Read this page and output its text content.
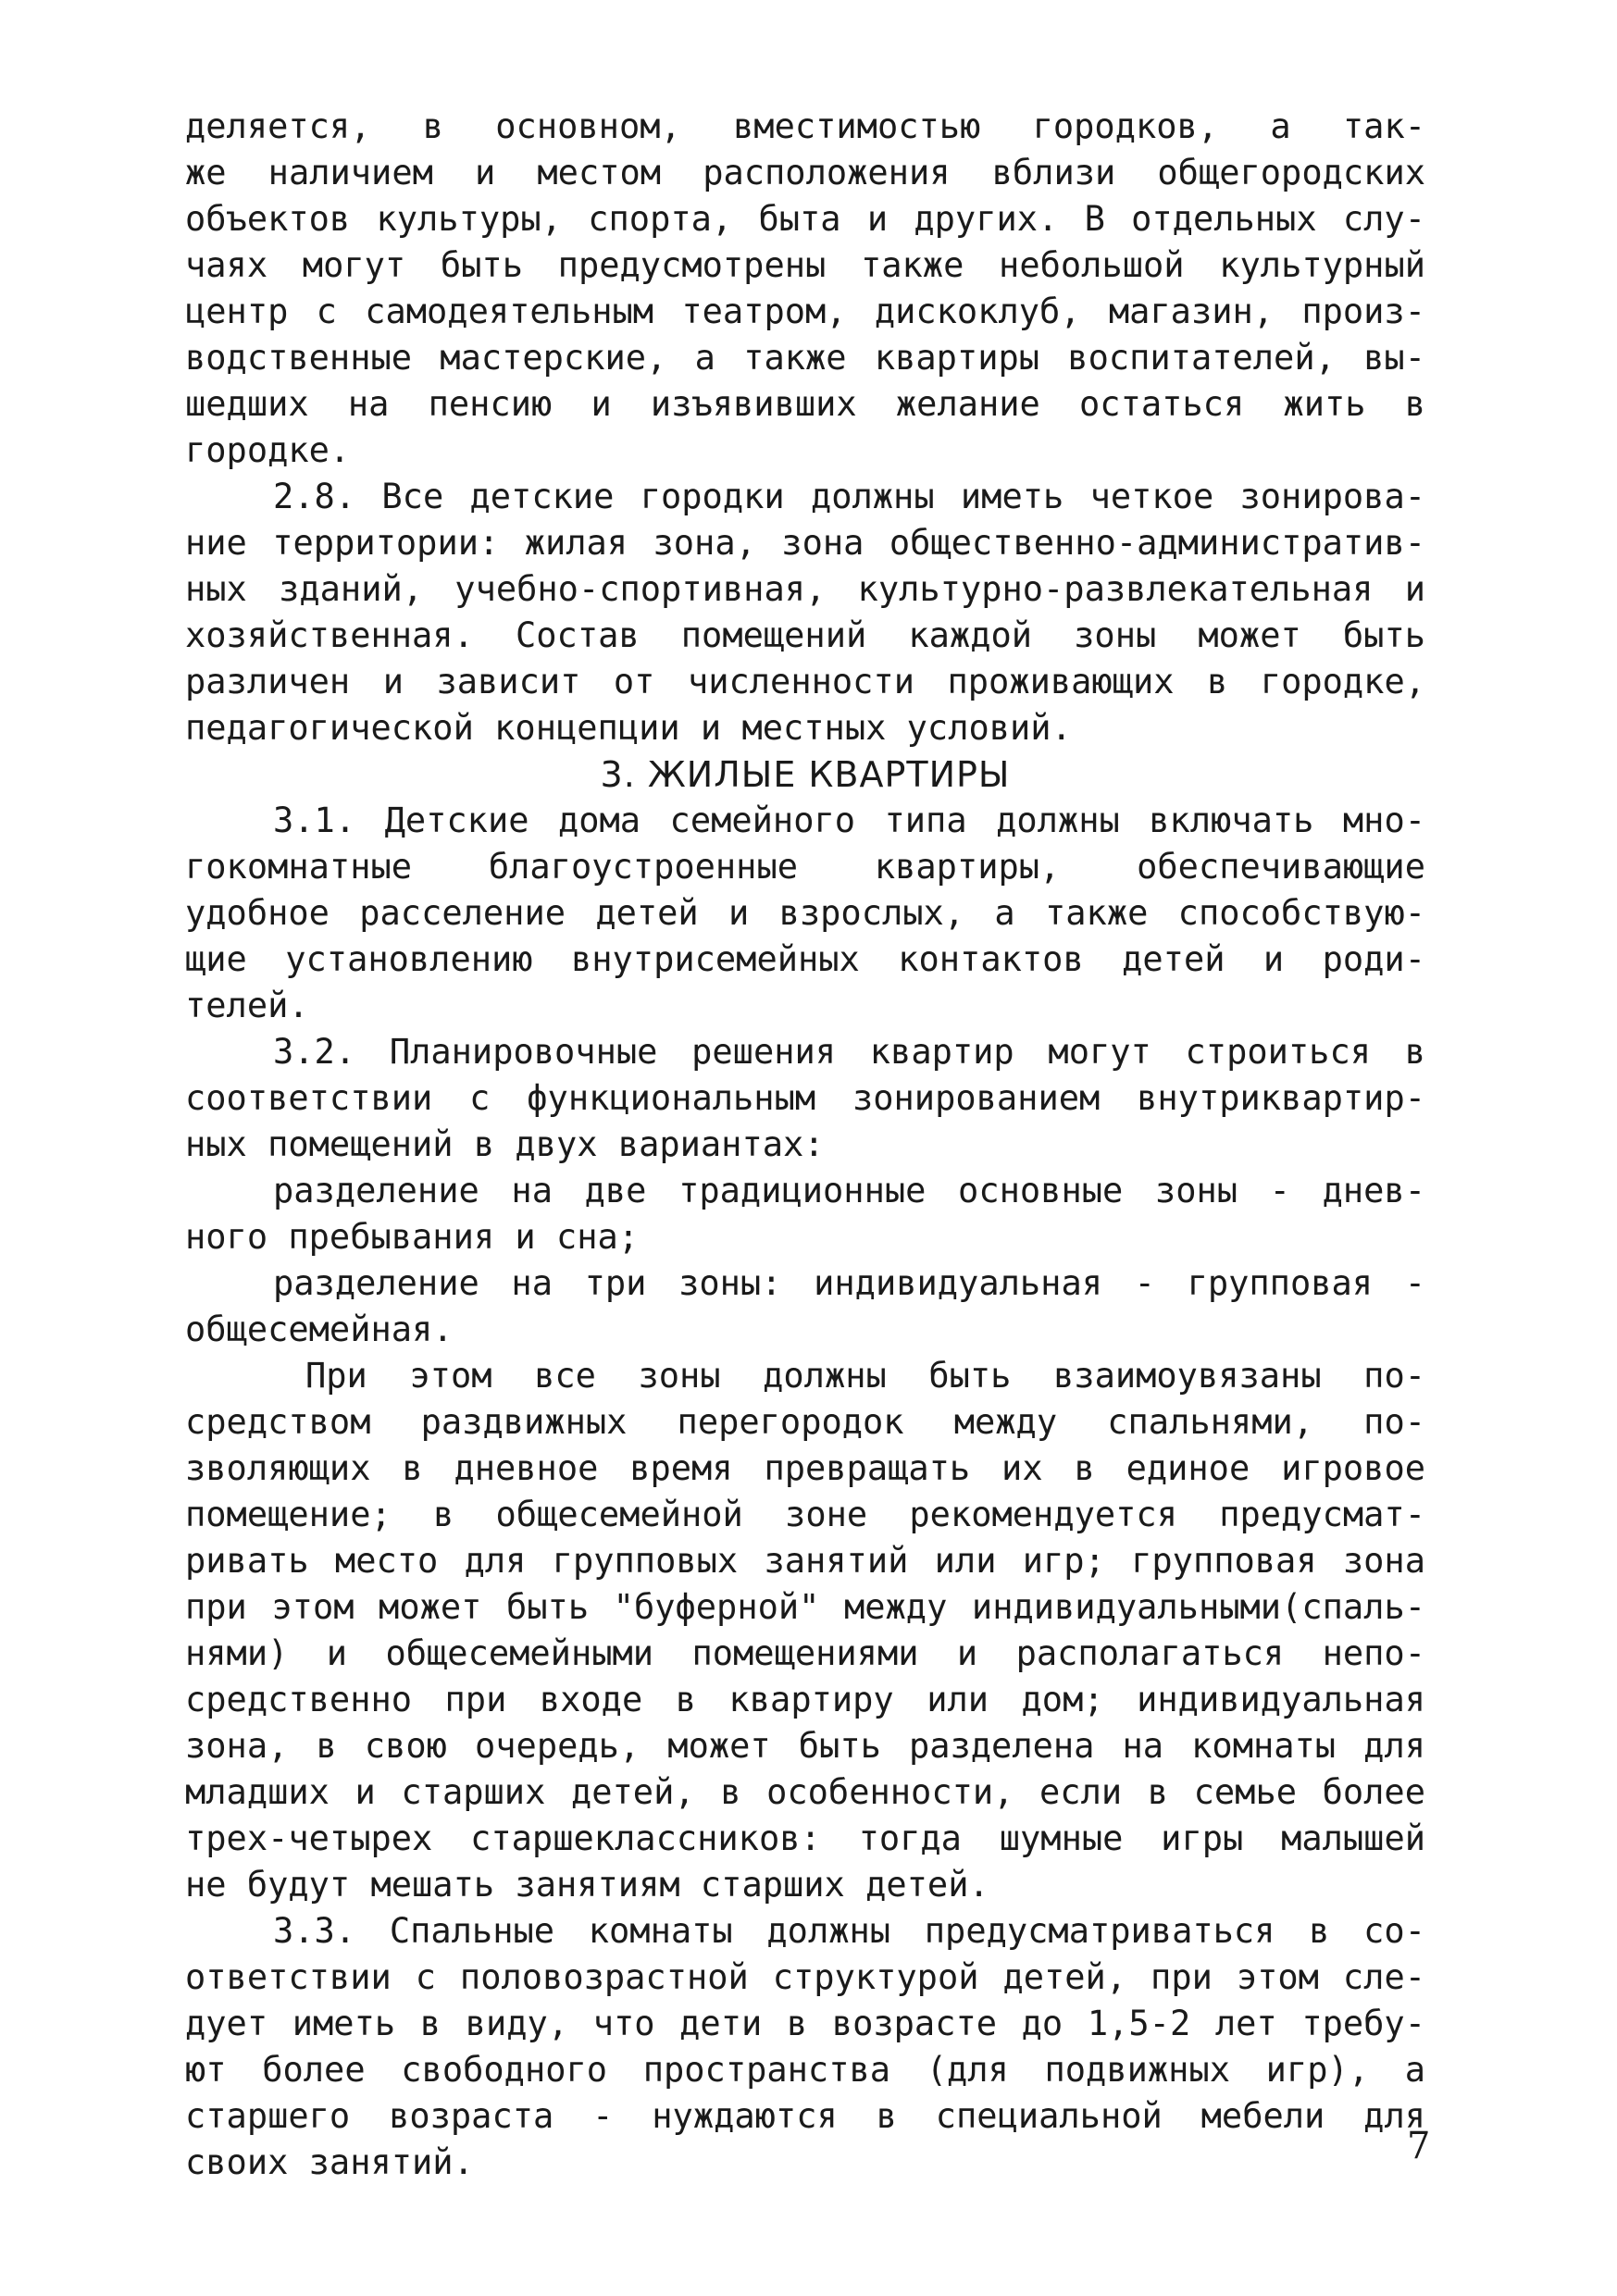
деляется, в основном, вместимостью городков, а так-
же наличием и местом расположения вблизи общегородских
объектов культуры, спорта, быта и других. В отдельных слу-
чаях могут быть предусмотрены также небольшой культурный
центр с самодеятельным театром, дискоклуб, магазин, произ-
водственные мастерские, а также квартиры воспитателей, вы-
шедших на пенсию и изъявивших желание остаться жить в
городке.
2.8. Все детские городки должны иметь четкое зонирова-
ние территории: жилая зона, зона общественно-административ-
ных зданий, учебно-спортивная, культурно-развлекательная и
хозяйственная. Состав помещений каждой зоны может быть
различен и зависит от численности проживающих в городке,
педагогической концепции и местных условий.
3. ЖИЛЫЕ КВАРТИРЫ
3.1. Детские дома семейного типа должны включать мно-
гокомнатные благоустроенные квартиры, обеспечивающие
удобное расселение детей и взрослых, а также способствую-
щие установлению внутрисемейных контактов детей и роди-
телей.
3.2. Планировочные решения квартир могут строиться в
соответствии с функциональным зонированием внутриквартир-
ных помещений в двух вариантах:
разделение на две традиционные основные зоны - днев-
ного пребывания и сна;
разделение на три зоны: индивидуальная - групповая -
общесемейная.
При этом все зоны должны быть взаимоувязаны по-
средством раздвижных перегородок между спальнями, по-
зволяющих в дневное время превращать их в единое игровое
помещение; в общесемейной зоне рекомендуется предусмат-
ривать место для групповых занятий или игр; групповая зона
при этом может быть "буферной" между индивидуальными(спаль-
нями) и общесемейными помещениями и располагаться непо-
средственно при входе в квартиру или дом; индивидуальная
зона, в свою очередь, может быть разделена на комнаты для
младших и старших детей, в особенности, если в семье более
трех-четырех старшеклассников: тогда шумные игры малышей
не будут мешать занятиям старших детей.
3.3. Спальные комнаты должны предусматриваться в со-
ответствии с половозрастной структурой детей, при этом сле-
дует иметь в виду, что дети в возрасте до 1,5-2 лет требу-
ют более свободного пространства (для подвижных игр), а
старшего возраста - нуждаются в специальной мебели для
своих занятий.	7
